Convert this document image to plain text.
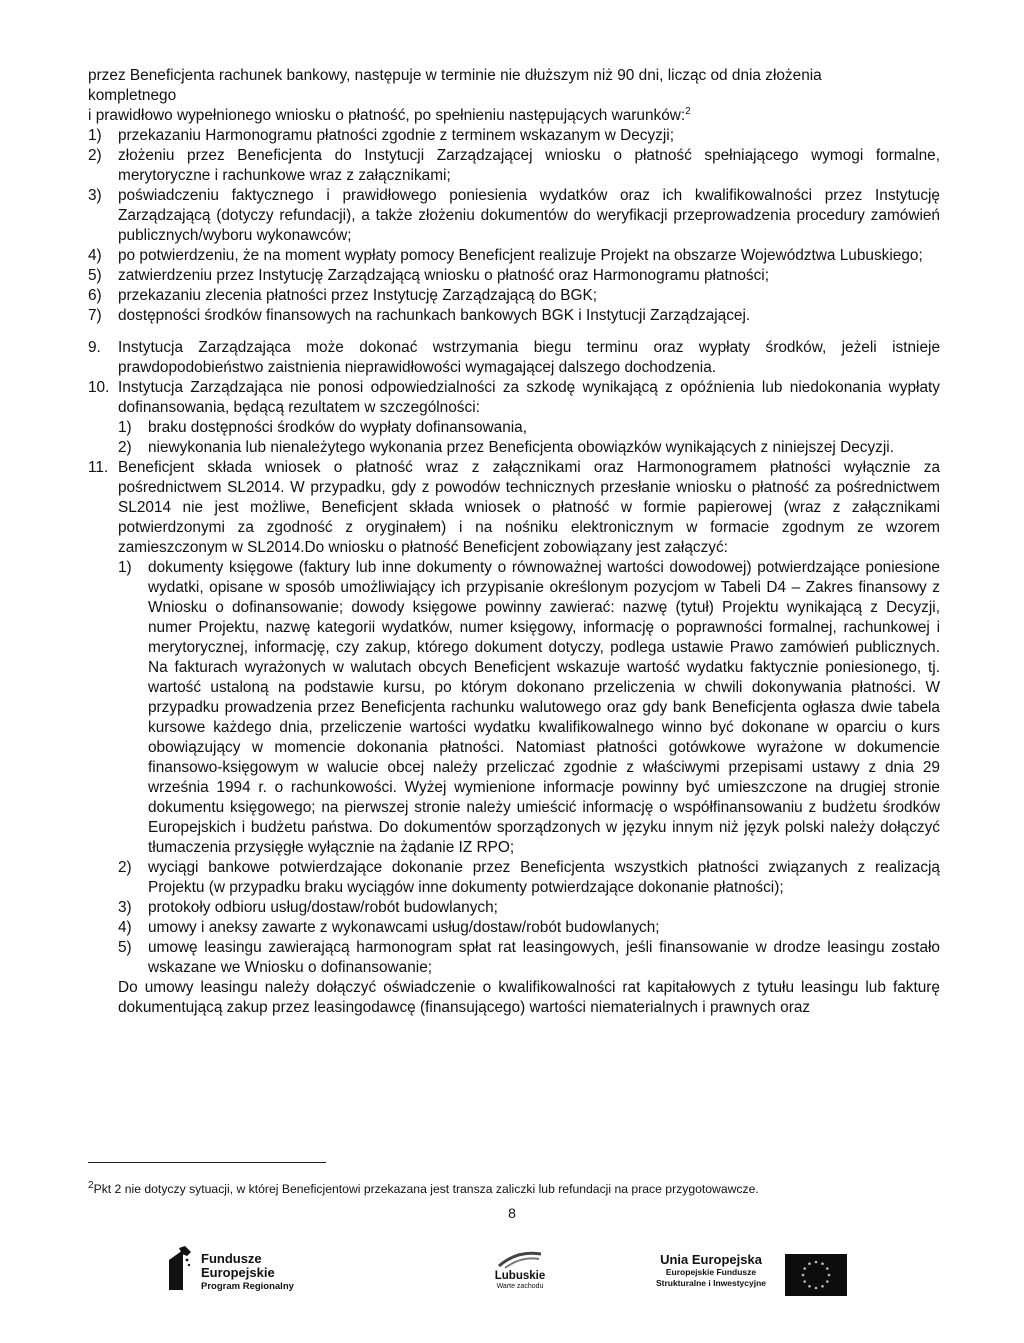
przez Beneficjenta rachunek bankowy, następuje w terminie nie dłuższym niż 90 dni, licząc od dnia złożenia
kompletnego
i prawidłowo wypełnionego wniosku o płatność, po spełnieniu następujących warunków:$^2$
1) przekazaniu Harmonogramu płatności zgodnie z terminem wskazanym w Decyzji;
2) złożeniu przez Beneficjenta do Instytucji Zarządzającej wniosku o płatność spełniającego wymogi formalne, merytoryczne i rachunkowe wraz z załącznikami;
3) poświadczeniu faktycznego i prawidłowego poniesienia wydatków oraz ich kwalifikowalności przez Instytucję Zarządzającą (dotyczy refundacji), a także złożeniu dokumentów do weryfikacji przeprowadzenia procedury zamówień publicznych/wyboru wykonawców;
4) po potwierdzeniu, że na moment wypłaty pomocy Beneficjent realizuje Projekt na obszarze Województwa Lubuskiego;
5) zatwierdzeniu przez Instytucję Zarządzającą wniosku o płatność oraz Harmonogramu płatności;
6) przekazaniu zlecenia płatności przez Instytucję Zarządzającą do BGK;
7) dostępności środków finansowych na rachunkach bankowych BGK i Instytucji Zarządzającej.
9. Instytucja Zarządzająca może dokonać wstrzymania biegu terminu oraz wypłaty środków, jeżeli istnieje prawdopodobieństwo zaistnienia nieprawidłowości wymagającej dalszego dochodzenia.
10. Instytucja Zarządzająca nie ponosi odpowiedzialności za szkodę wynikającą z opóźnienia lub niedokonania wypłaty dofinansowania, będącą rezultatem w szczególności:
1) braku dostępności środków do wypłaty dofinansowania,
2) niewykonania lub nienależytego wykonania przez Beneficjenta obowiązków wynikających z niniejszej Decyzji.
11. Beneficjent składa wniosek o płatność wraz z załącznikami oraz Harmonogramem płatności wyłącznie za pośrednictwem SL2014. W przypadku, gdy z powodów technicznych przesłanie wniosku o płatność za pośrednictwem SL2014 nie jest możliwe, Beneficjent składa wniosek o płatność w formie papierowej (wraz z załącznikami potwierdzonymi za zgodność z oryginałem) i na nośniku elektronicznym w formacie zgodnym ze wzorem zamieszczonym w SL2014.Do wniosku o płatność Beneficjent zobowiązany jest załączyć:
1) dokumenty księgowe (faktury lub inne dokumenty o równoważnej wartości dowodowej) potwierdzające poniesione wydatki, opisane w sposób umożliwiający ich przypisanie określonym pozycjom w Tabeli D4 – Zakres finansowy z Wniosku o dofinansowanie; dowody księgowe powinny zawierać: nazwę (tytuł) Projektu wynikającą z Decyzji, numer Projektu, nazwę kategorii wydatków, numer księgowy, informację o poprawności formalnej, rachunkowej i merytorycznej, informację, czy zakup, którego dokument dotyczy, podlega ustawie Prawo zamówień publicznych. Na fakturach wyrażonych w walutach obcych Beneficjent wskazuje wartość wydatku faktycznie poniesionego, tj. wartość ustaloną na podstawie kursu, po którym dokonano przeliczenia w chwili dokonywania płatności. W przypadku prowadzenia przez Beneficjenta rachunku walutowego oraz gdy bank Beneficjenta ogłasza dwie tabela kursowe każdego dnia, przeliczenie wartości wydatku kwalifikowalnego winno być dokonane w oparciu o kurs obowiązujący w momencie dokonania płatności. Natomiast płatności gotówkowe wyrażone w dokumencie finansowo-księgowym w walucie obcej należy przeliczać zgodnie z właściwymi przepisami ustawy z dnia 29 września 1994 r. o rachunkowości. Wyżej wymienione informacje powinny być umieszczone na drugiej stronie dokumentu księgowego; na pierwszej stronie należy umieścić informację o współfinansowaniu z budżetu środków Europejskich i budżetu państwa. Do dokumentów sporządzonych w języku innym niż język polski należy dołączyć tłumaczenia przysięgłe wyłącznie na żądanie IZ RPO;
2) wyciągi bankowe potwierdzające dokonanie przez Beneficjenta wszystkich płatności związanych z realizacją Projektu (w przypadku braku wyciągów inne dokumenty potwierdzające dokonanie płatności);
3) protokoły odbioru usług/dostaw/robót budowlanych;
4) umowy i aneksy zawarte z wykonawcami usług/dostaw/robót budowlanych;
5) umowę leasingu zawierającą harmonogram spłat rat leasingowych, jeśli finansowanie w drodze leasingu zostało wskazane we Wniosku o dofinansowanie;
Do umowy leasingu należy dołączyć oświadczenie o kwalifikowalności rat kapitałowych z tytułu leasingu lub fakturę dokumentującą zakup przez leasingodawcę (finansującego) wartości niematerialnych i prawnych oraz
$^2$Pkt 2 nie dotyczy sytuacji, w której Beneficjentowi przekazana jest transza zaliczki lub refundacji na prace przygotowawcze.
8
Fundusze
Europejskie
Program Regionalny
Lubuskie
Warte zachodu
Unia Europejska
Europejskie Fundusze
Strukturalne i Inwestycyjne
